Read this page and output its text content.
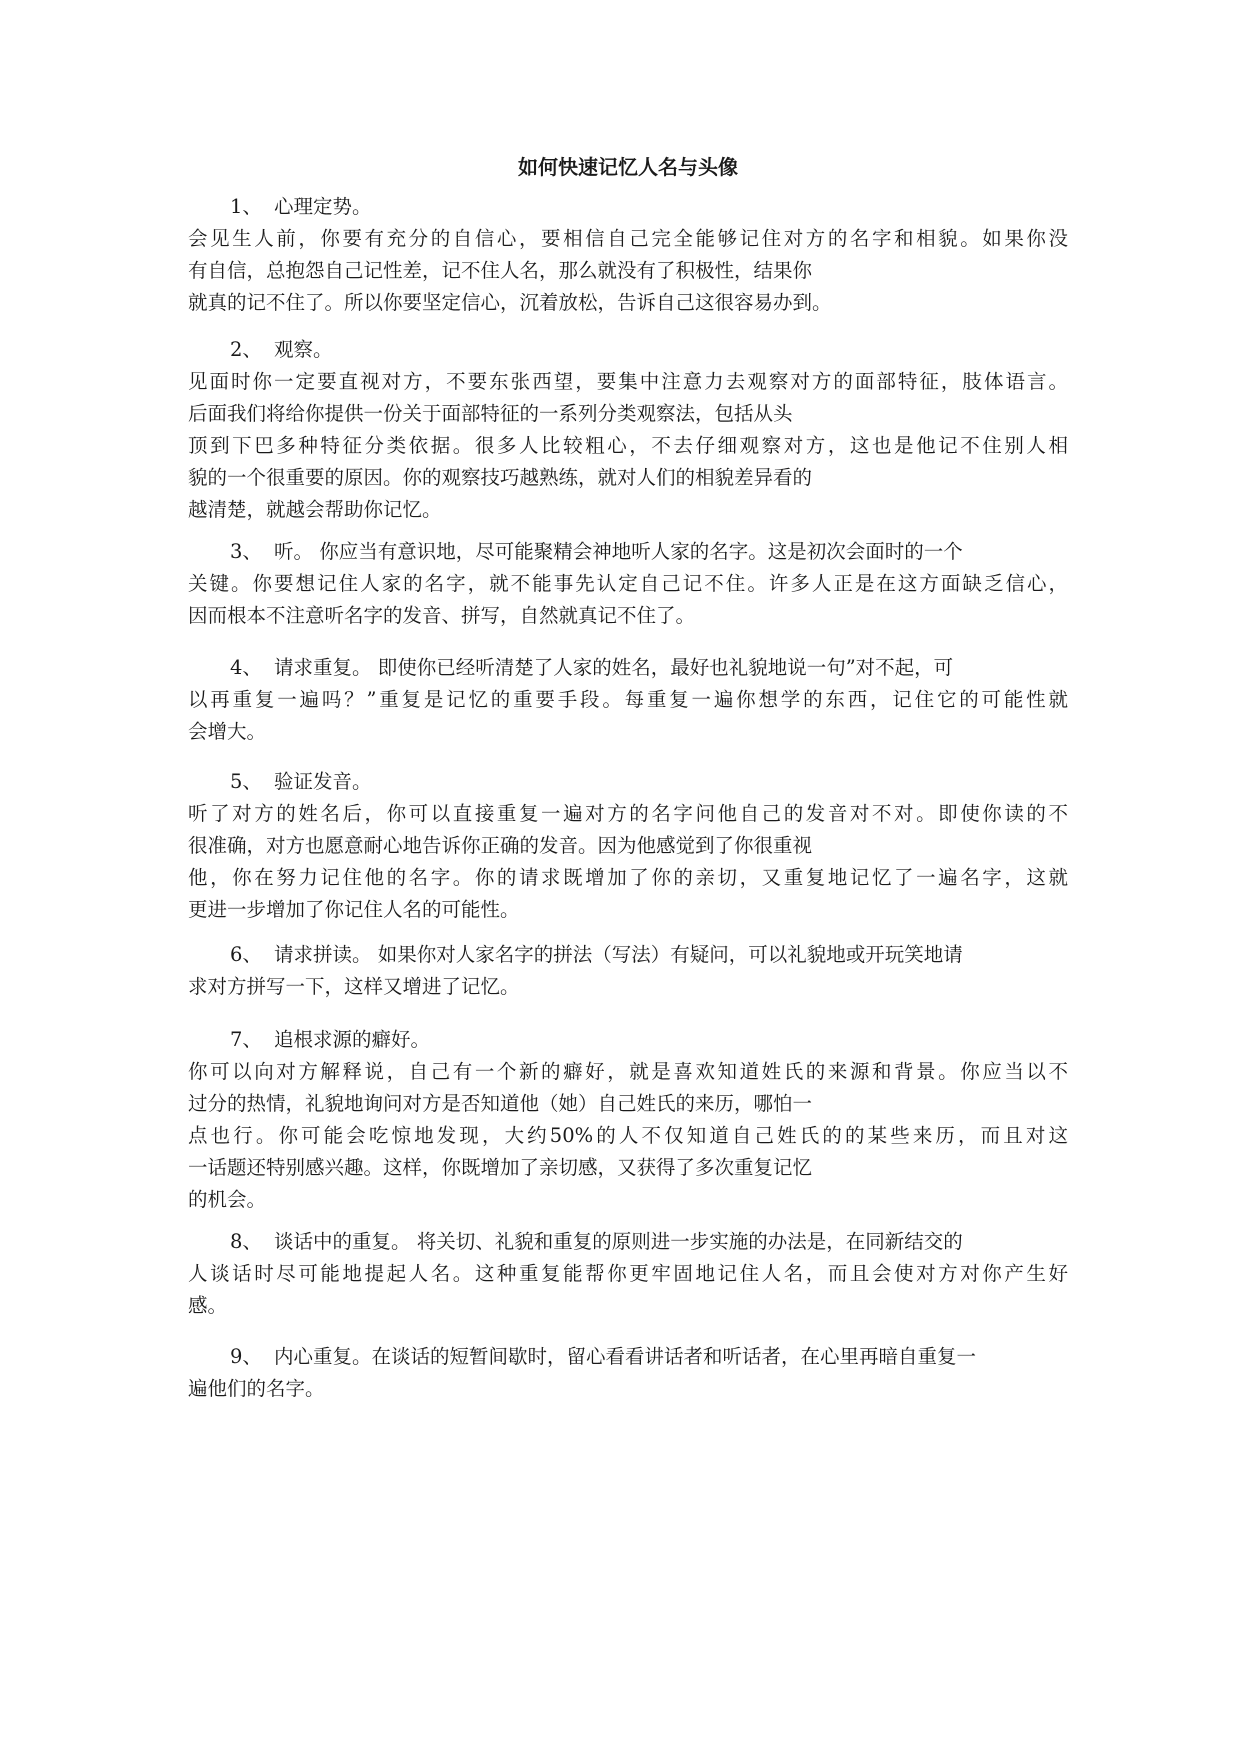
如何快速记忆人名与头像
1、 心理定势。
会见生人前，你要有充分的自信心，要相信自己完全能够记住对方的名字和相貌。如果你没
有自信，总抱怨自己记性差，记不住人名，那么就没有了积极性，结果你
就真的记不住了。所以你要坚定信心，沉着放松，告诉自己这很容易办到。
2、 观察。
见面时你一定要直视对方，不要东张西望，要集中注意力去观察对方的面部特征，肢体语言。
后面我们将给你提供一份关于面部特征的一系列分类观察法，包括从头
顶到下巴多种特征分类依据。很多人比较粗心，不去仔细观察对方，这也是他记不住别人相
貌的一个很重要的原因。你的观察技巧越熟练，就对人们的相貌差异看的
越清楚，就越会帮助你记忆。
3、 听。 你应当有意识地，尽可能聚精会神地听人家的名字。这是初次会面时的一个
关键。你要想记住人家的名字，就不能事先认定自己记不住。许多人正是在这方面缺乏信心，
因而根本不注意听名字的发音、拼写，自然就真记不住了。
4、 请求重复。 即使你已经听清楚了人家的姓名，最好也礼貌地说一句”对不起，可
以再重复一遍吗？”重复是记忆的重要手段。每重复一遍你想学的东西，记住它的可能性就
会增大。
5、 验证发音。
听了对方的姓名后，你可以直接重复一遍对方的名字问他自己的发音对不对。即使你读的不
很准确，对方也愿意耐心地告诉你正确的发音。因为他感觉到了你很重视
他，你在努力记住他的名字。你的请求既增加了你的亲切，又重复地记忆了一遍名字，这就
更进一步增加了你记住人名的可能性。
6、 请求拼读。 如果你对人家名字的拼法（写法）有疑问，可以礼貌地或开玩笑地请
求对方拼写一下，这样又增进了记忆。
7、 追根求源的癖好。
你可以向对方解释说，自己有一个新的癖好，就是喜欢知道姓氏的来源和背景。你应当以不
过分的热情，礼貌地询问对方是否知道他（她）自己姓氏的来历，哪怕一
点也行。你可能会吃惊地发现，大约50%的人不仅知道自己姓氏的的某些来历，而且对这
一话题还特别感兴趣。这样，你既增加了亲切感，又获得了多次重复记忆
的机会。
8、 谈话中的重复。 将关切、礼貌和重复的原则进一步实施的办法是，在同新结交的
人谈话时尽可能地提起人名。这种重复能帮你更牢固地记住人名，而且会使对方对你产生好
感。
9、 内心重复。在谈话的短暂间歇时，留心看看讲话者和听话者，在心里再暗自重复一
遍他们的名字。
